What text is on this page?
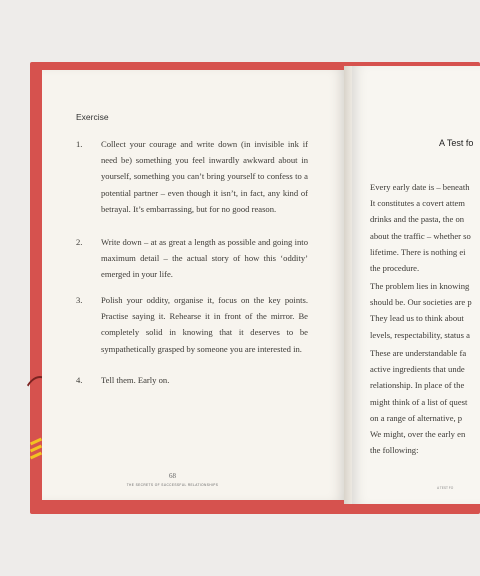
Exercise
1. Collect your courage and write down (in invisible ink if need be) something you feel inwardly awkward about in yourself, something you can’t bring yourself to confess to a potential partner – even though it isn’t, in fact, any kind of betrayal. It’s embarrassing, but for no good reason.
2. Write down – at as great a length as possible and going into maximum detail – the actual story of how this ‘oddity’ emerged in your life.
3. Polish your oddity, organise it, focus on the key points. Practise saying it. Rehearse it in front of the mirror. Be completely solid in knowing that it deserves to be sympathetically grasped by someone you are interested in.
4. Tell them. Early on.
68
THE SECRETS OF SUCCESSFUL RELATIONSHIPS
A Test fo
Every early date is – beneath
It constitutes a covert attem
drinks and the pasta, the on
about the traffic – whether so
lifetime. There is nothing ei
the procedure.
The problem lies in knowing
should be. Our societies are p
They lead us to think about
levels, respectability, status a
These are understandable fa
active ingredients that unde
relationship. In place of the
might think of a list of quest
on a range of alternative, p
We might, over the early en
the following:
A TEST FO
